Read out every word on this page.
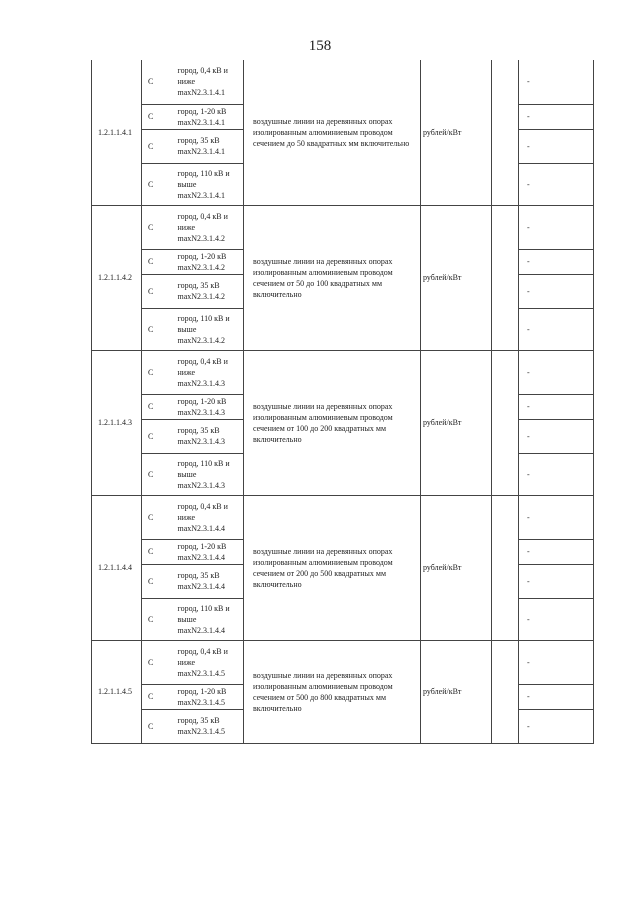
158
1.2.1.1.4.1	С	город, 0,4 кВ и
ниже
maxN2.3.1.4.1	воздушные линии на деревянных опорах изолированным алюминиевым проводом сечением до 50 квадратных мм включительно	рублей/кВт		-
	С	город, 1-20 кВ
maxN2.3.1.4.1				-
	С	город, 35 кВ
maxN2.3.1.4.1				-
	С	город, 110 кВ и
выше
maxN2.3.1.4.1				-
1.2.1.1.4.2	С	город, 0,4 кВ и
ниже
maxN2.3.1.4.2	воздушные линии на деревянных опорах изолированным алюминиевым проводом сечением от 50 до 100 квадратных мм включительно	рублей/кВт		-
	С	город, 1-20 кВ
maxN2.3.1.4.2				-
	С	город, 35 кВ
maxN2.3.1.4.2				-
	С	город, 110 кВ и
выше
maxN2.3.1.4.2				-
1.2.1.1.4.3	С	город, 0,4 кВ и
ниже
maxN2.3.1.4.3	воздушные линии на деревянных опорах изолированным алюминиевым проводом сечением от 100 до 200 квадратных мм включительно	рублей/кВт		-
	С	город, 1-20 кВ
maxN2.3.1.4.3				-
	С	город, 35 кВ
maxN2.3.1.4.3				-
	С	город, 110 кВ и
выше
maxN2.3.1.4.3				-
1.2.1.1.4.4	С	город, 0,4 кВ и
ниже
maxN2.3.1.4.4	воздушные линии на деревянных опорах изолированным алюминиевым проводом сечением от 200 до 500 квадратных мм включительно	рублей/кВт		-
	С	город, 1-20 кВ
maxN2.3.1.4.4				-
	С	город, 35 кВ
maxN2.3.1.4.4				-
	С	город, 110 кВ и
выше
maxN2.3.1.4.4				-
1.2.1.1.4.5	С	город, 0,4 кВ и
ниже
maxN2.3.1.4.5	воздушные линии на деревянных опорах изолированным алюминиевым проводом сечением от 500 до 800 квадратных мм включительно	рублей/кВт		-
	С	город, 1-20 кВ
maxN2.3.1.4.5				-
	С	город, 35 кВ
maxN2.3.1.4.5				-
